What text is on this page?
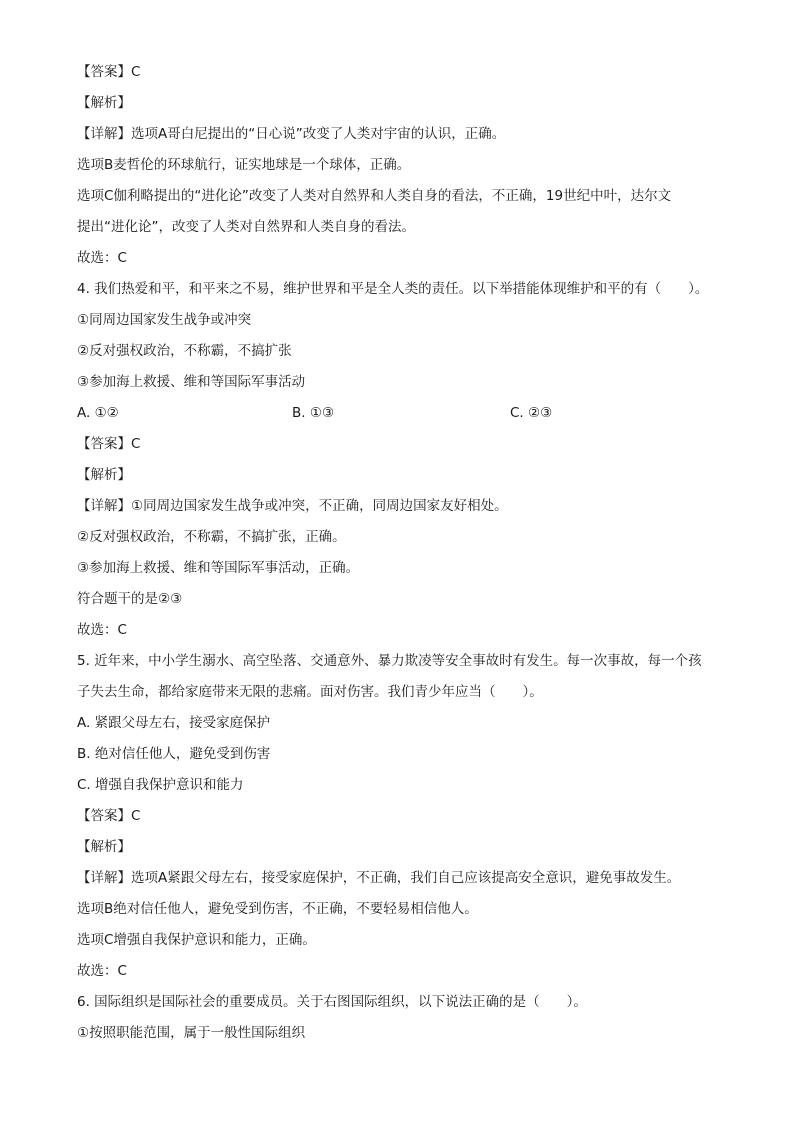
【答案】C
【解析】
【详解】选项A哥白尼提出的“日心说”改变了人类对宇宙的认识，正确。
选项B麦哲伦的环球航行，证实地球是一个球体，正确。
选项C伽利略提出的“进化论”改变了人类对自然界和人类自身的看法，不正确，19世纪中叶，达尔文
提出“进化论”，改变了人类对自然界和人类自身的看法。
故选：C
4. 我们热爱和平，和平来之不易，维护世界和平是全人类的责任。以下举措能体现维护和平的有（　　）。
①同周边国家发生战争或冲突
②反对强权政治，不称霸，不搞扩张
③参加海上救援、维和等国际军事活动
A. ①②	B. ①③	C. ②③
【答案】C
【解析】
【详解】①同周边国家发生战争或冲突，不正确，同周边国家友好相处。
②反对强权政治，不称霸，不搞扩张，正确。
③参加海上救援、维和等国际军事活动，正确。
符合题干的是②③
故选：C
5. 近年来，中小学生溺水、高空坠落、交通意外、暴力欺凌等安全事故时有发生。每一次事故，每一个孩
子失去生命，都给家庭带来无限的悲痛。面对伤害。我们青少年应当（　　）。
A. 紧跟父母左右，接受家庭保护
B. 绝对信任他人，避免受到伤害
C. 增强自我保护意识和能力
【答案】C
【解析】
【详解】选项A紧跟父母左右，接受家庭保护，不正确，我们自己应该提高安全意识，避免事故发生。
选项B绝对信任他人，避免受到伤害，不正确，不要轻易相信他人。
选项C增强自我保护意识和能力，正确。
故选：C
6. 国际组织是国际社会的重要成员。关于右图国际组织，以下说法正确的是（　　）。
①按照职能范围，属于一般性国际组织
